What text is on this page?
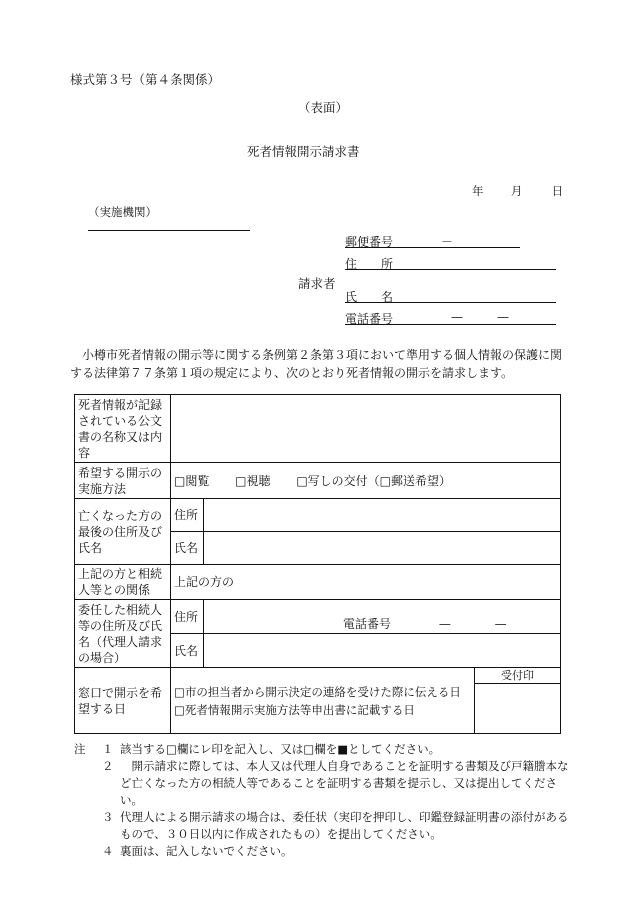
様式第３号（第４条関係）
（表面）
死者情報開示請求書
年 月	日
（実施機関）
請求者
郵便番号	－
住　　所
氏　　名
電話番号	—	—
小樽市死者情報の開示等に関する条例第２条第３項において準用する個人情報の保護に関する法律第７７条第１項の規定により、次のとおり死者情報の開示を請求します。
死者情報が記録されている公文書の名称又は内容			
希望する開示の実施方法	□閲覧 □視聴 □写しの交付（□郵送希望）		
亡くなった方の最後の住所及び氏名	住所		
	氏名		
上記の方と相続人等との関係	上記の方の		
委任した相続人等の住所及び氏名（代理人請求の場合）	住所	電話番号 — —	
	氏名		
窓口で開示を希望する日	□市の担当者から開示決定の連絡を受けた際に伝える日
□死者情報開示実施方法等申出書に記載する日		受付印

注 １ 該当する□欄にレ印を記入し、又は□欄を■としてください。
２ 開示請求に際しては、本人又は代理人自身であることを証明する書類及び戸籍謄本など亡くなった方の相続人等であることを証明する書類を提示し、又は提出してください。
３ 代理人による開示請求の場合は、委任状（実印を押印し、印鑑登録証明書の添付があるもので、３０日以内に作成されたもの）を提出してください。
４ 裏面は、記入しないでください。
